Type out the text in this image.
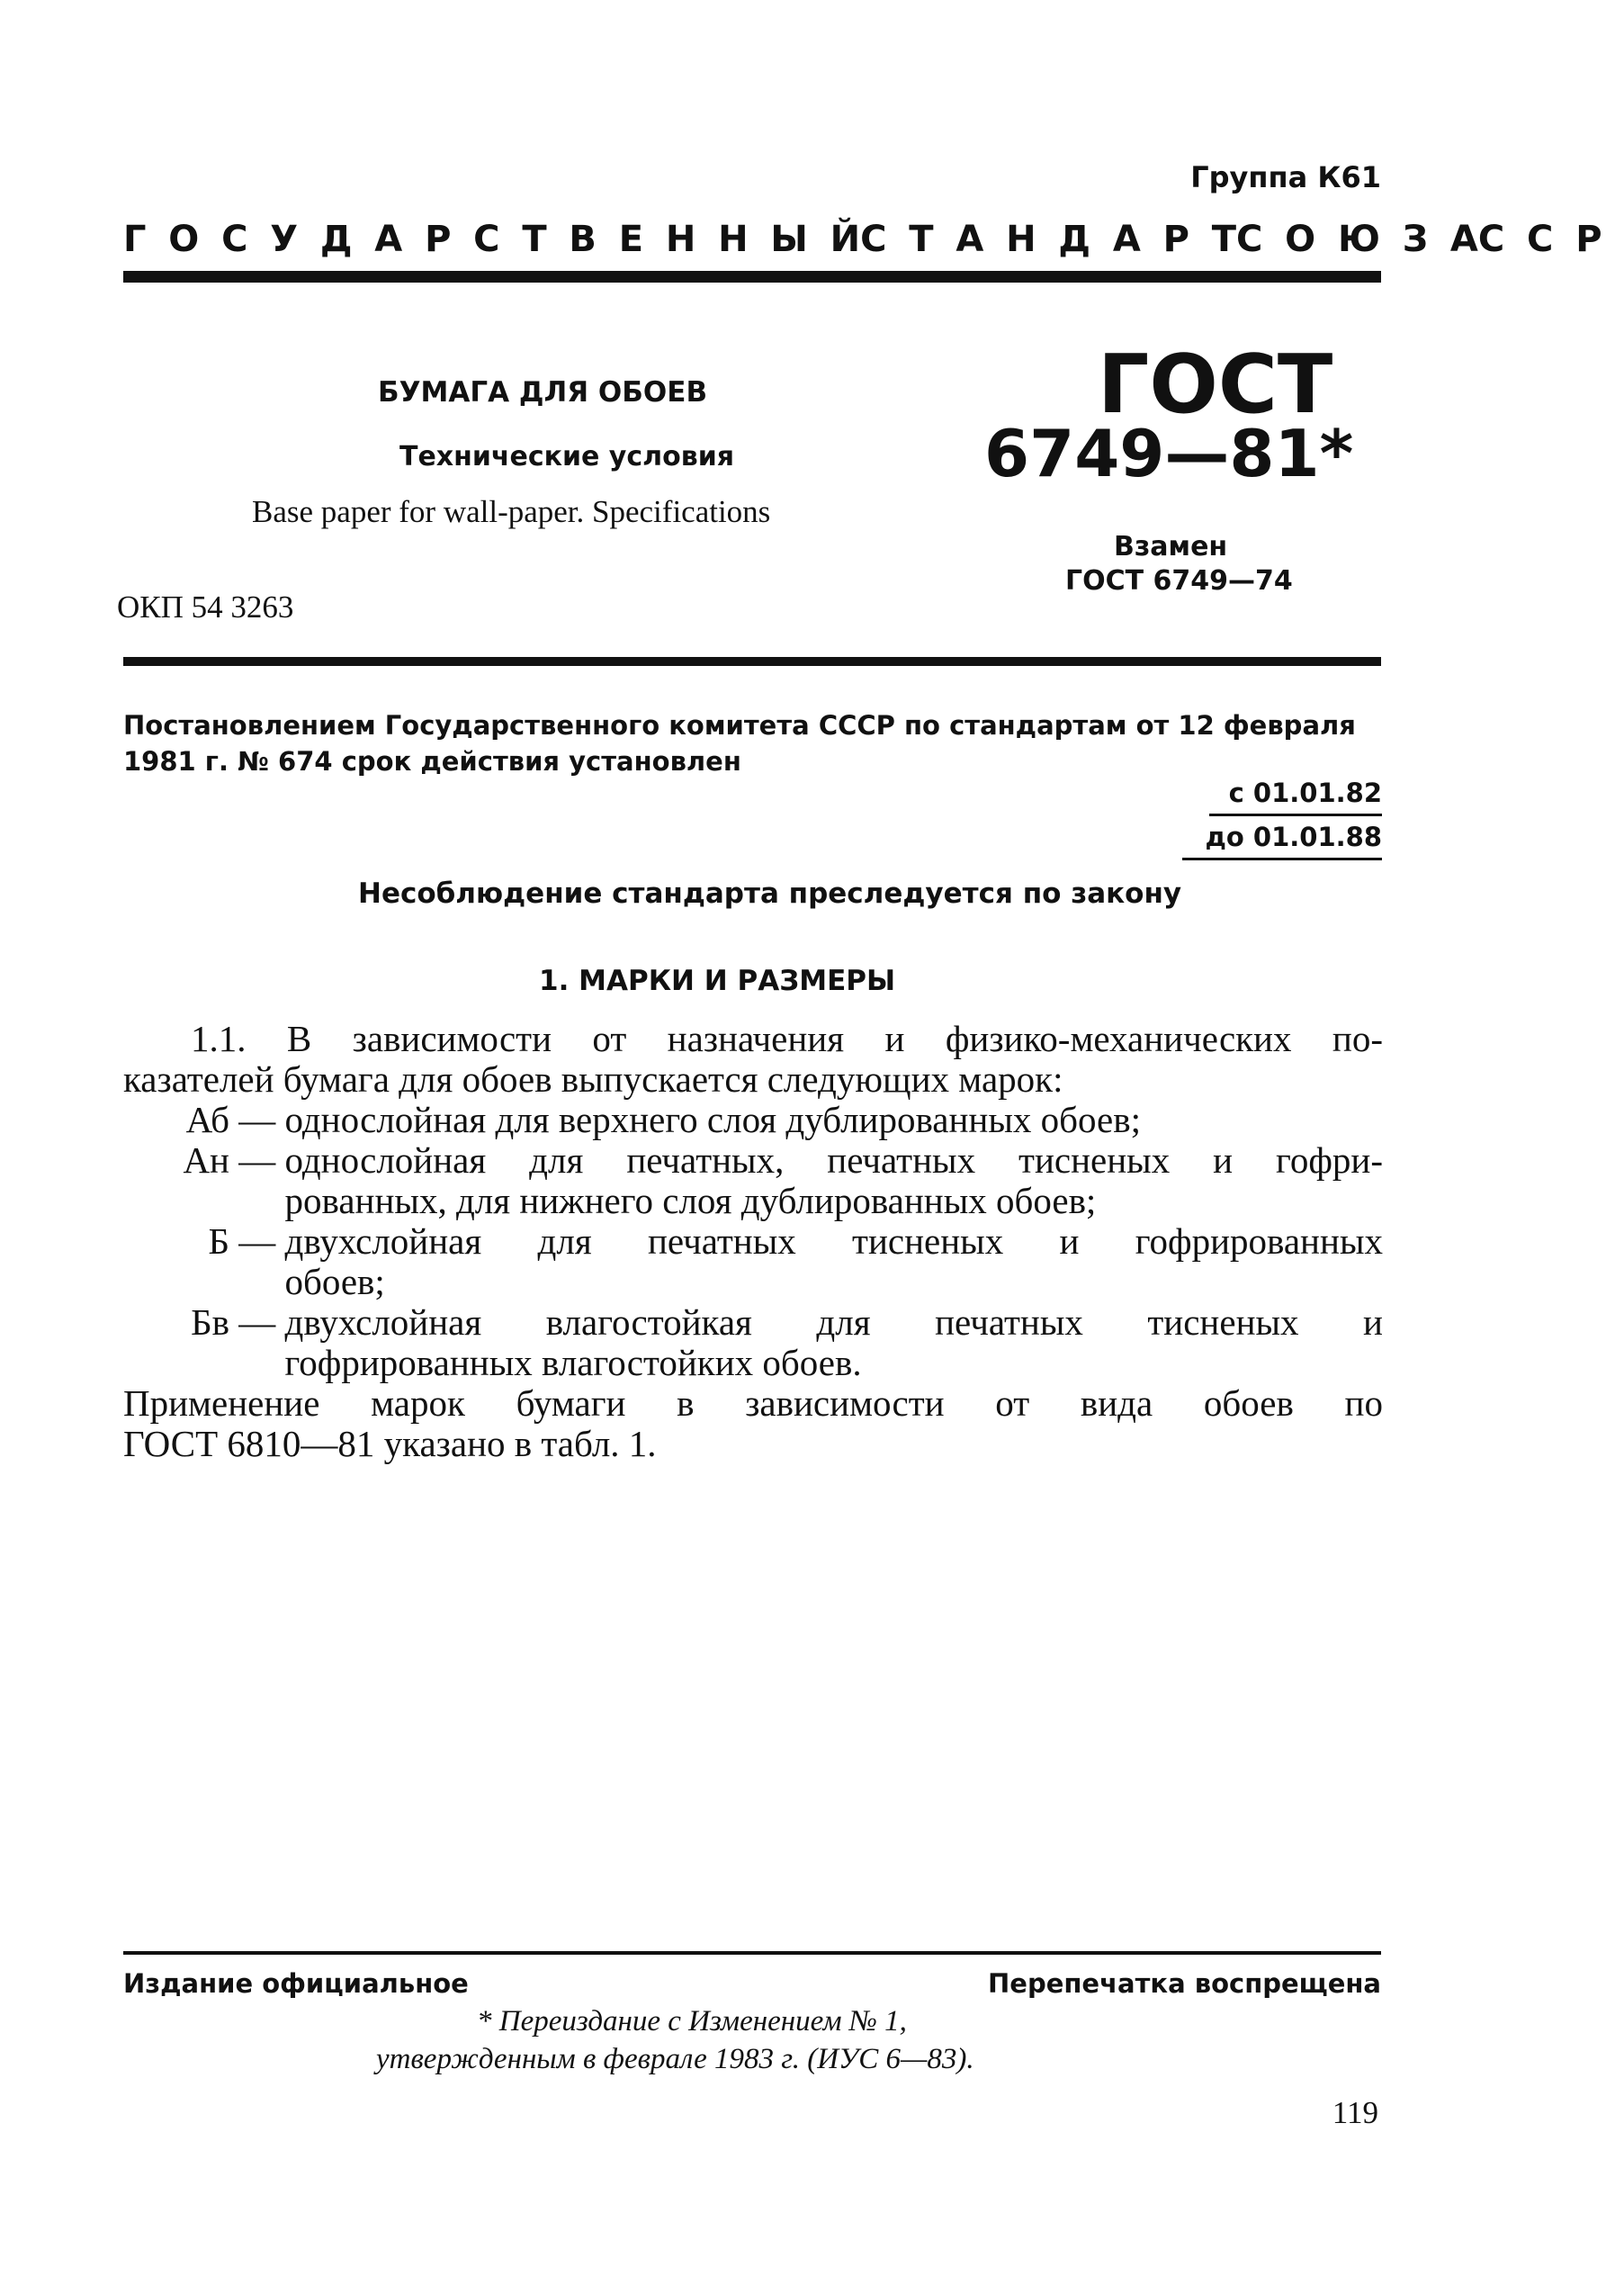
Группа К61
ГОСУДАРСТВЕННЫЙ
СТАНДАРТ
СОЮЗА
ССР
БУМАГА ДЛЯ ОБОЕВ
Технические условия
Base paper for wall-paper. Specifications
ОКП 54 3263
ГОСТ
6749—81*
Взамен
ГОСТ 6749—74
Постановлением Государственного комитета СССР по стандартам от 12 февраля 1981 г. № 674 срок действия установлен
с 01.01.82
до 01.01.88
Несоблюдение стандарта преследуется по закону
1. МАРКИ И РАЗМЕРЫ

1.1. В зависимости от назначения и физико-механических по-

казателей бумага для обоев выпускается следующих марок:

Аб — однослойная для верхнего слоя дублированных обоев;

Ан — однослойная для печатных, печатных тисненых и гофри-

рованных, для нижнего слоя дублированных обоев;

Б — двухслойная для печатных тисненых и гофрированных

обоев;

Бв — двухслойная влагостойкая для печатных тисненых и

гофрированных влагостойких обоев.

Применение марок бумаги в зависимости от вида обоев по

ГОСТ 6810—81 указано в табл. 1.

Издание официальное	Перепечатка воспрещена
* Переиздание с Изменением № 1,
утвержденным в феврале 1983 г. (ИУС 6—83).
119
